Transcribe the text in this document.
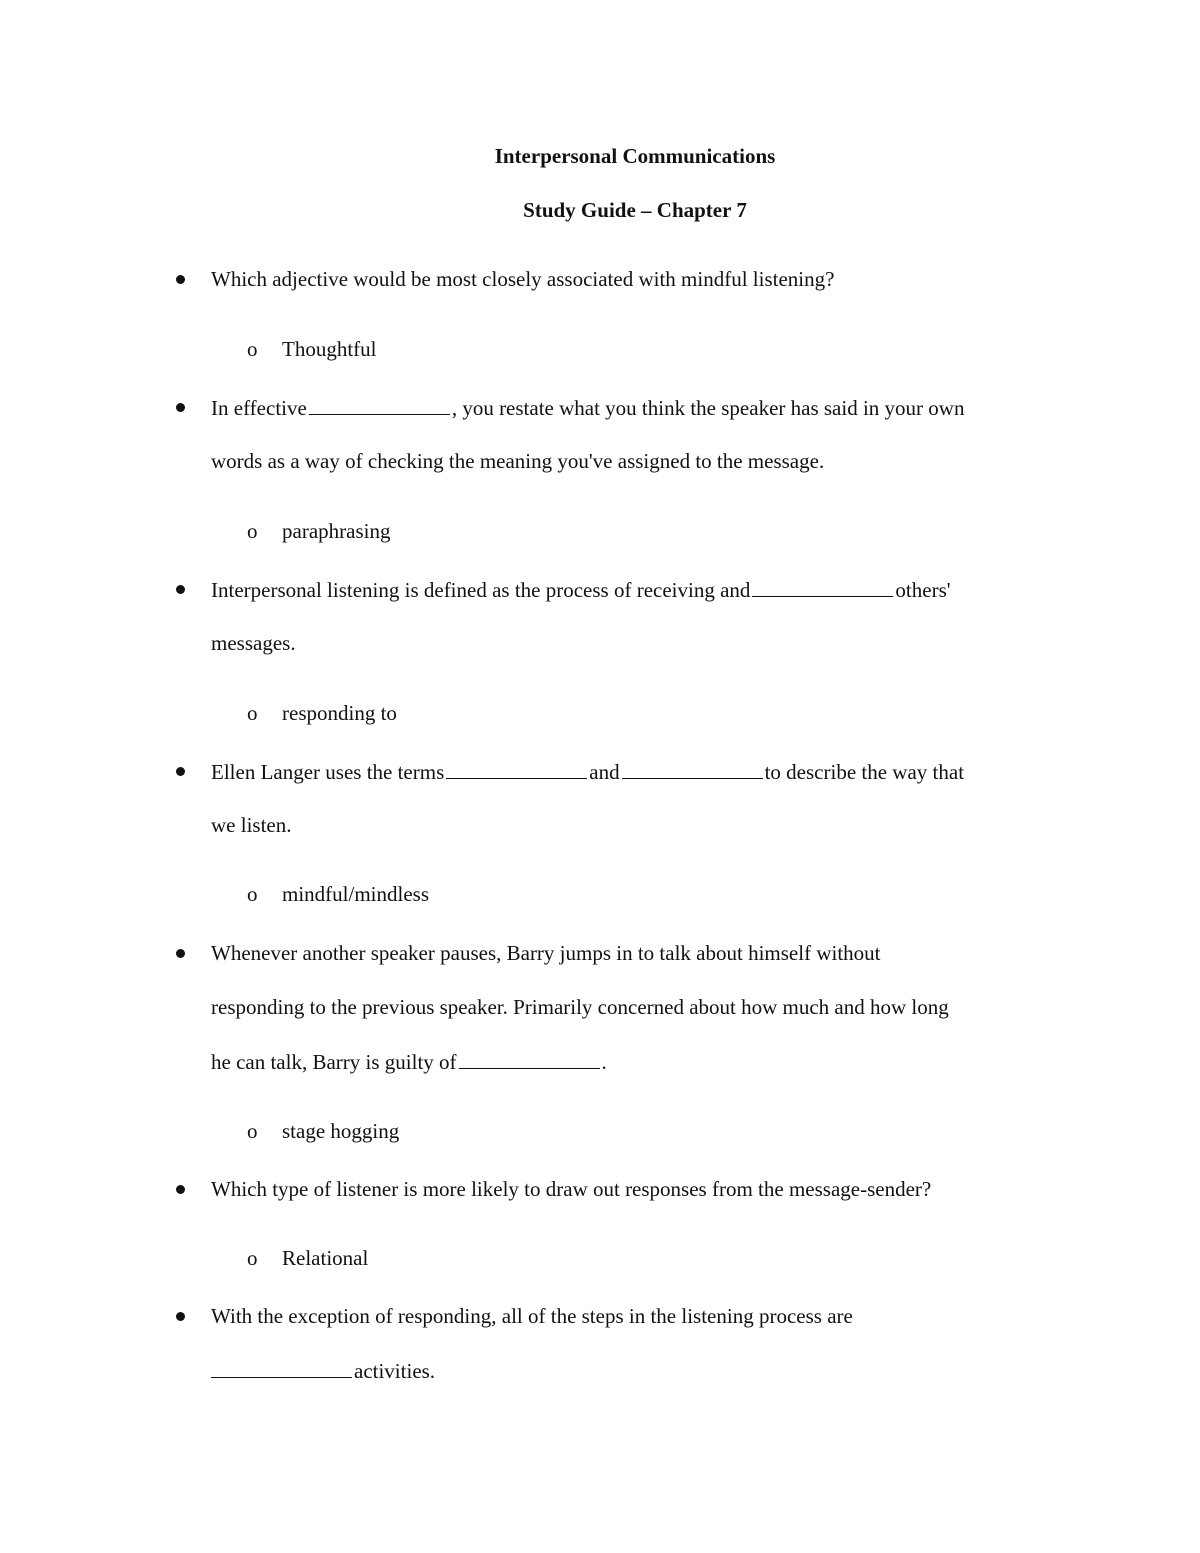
Interpersonal Communications
Study Guide – Chapter 7
Which adjective would be most closely associated with mindful listening?
o Thoughtful
In effective	, you restate what you think the speaker has said in your own
words as a way of checking the meaning you've assigned to the message.
o paraphrasing
Interpersonal listening is defined as the process of receiving and	others'
messages.
o responding to
Ellen Langer uses the terms	and	to describe the way that
we listen.
o mindful/mindless
Whenever another speaker pauses, Barry jumps in to talk about himself without
responding to the previous speaker. Primarily concerned about how much and how long
he can talk, Barry is guilty of	.
o stage hogging
Which type of listener is more likely to draw out responses from the message-sender?
o Relational
With the exception of responding, all of the steps in the listening process are
activities.
